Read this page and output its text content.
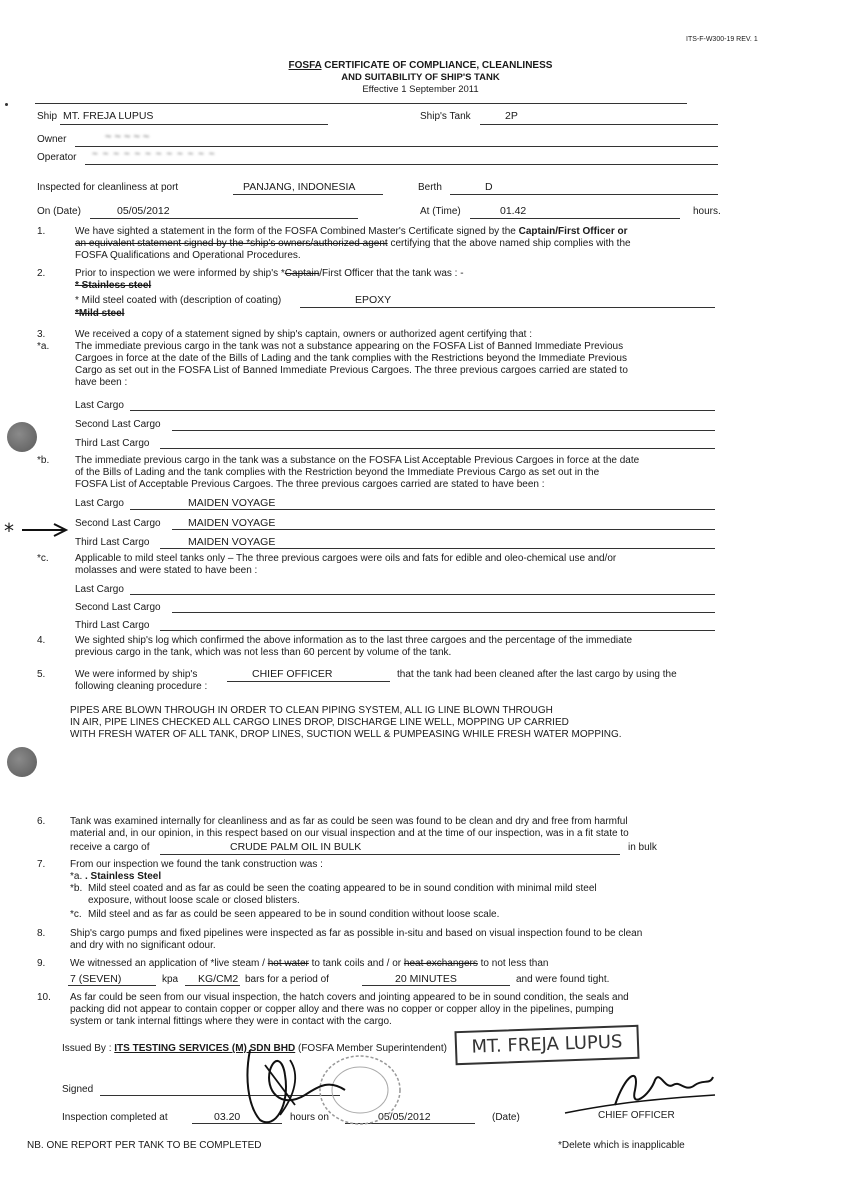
ITS-F-W300-19 REV. 1
FOSFA CERTIFICATE OF COMPLIANCE, CLEANLINESS
AND SUITABILITY OF SHIP'S TANK
Effective 1 September 2011
Ship MT. FREJA LUPUS	Ship's Tank	2P
Owner	~ ~ ~ ~ ~
Operator ~ ~ ~ ~ ~ ~ ~ ~ ~ ~ ~ ~
Inspected for cleanliness at port	PANJANG, INDONESIA	Berth	D
On (Date)	05/05/2012	At (Time)	01.42	hours.
1.	We have sighted a statement in the form of the FOSFA Combined Master's Certificate signed by the Captain/First Officer or
an equivalent statement signed by the *ship's owners/authorized agent certifying that the above named ship complies with the
FOSFA Qualifications and Operational Procedures.
2.	Prior to inspection we were informed by ship's *Captain/First Officer that the tank was : -
* Stainless steel
* Mild steel coated with (description of coating)	EPOXY
*Mild steel
3.	We received a copy of a statement signed by ship's captain, owners or authorized agent certifying that :
*a.	The immediate previous cargo in the tank was not a substance appearing on the FOSFA List of Banned Immediate Previous
Cargoes in force at the date of the Bills of Lading and the tank complies with the Restrictions beyond the Immediate Previous
Cargo as set out in the FOSFA List of Banned Immediate Previous Cargoes. The three previous cargoes carried are stated to
have been :
Last Cargo
Second Last Cargo
Third Last Cargo
*b.	The immediate previous cargo in the tank was a substance on the FOSFA List Acceptable Previous Cargoes in force at the date
of the Bills of Lading and the tank complies with the Restriction beyond the Immediate Previous Cargo as set out in the
FOSFA List of Acceptable Previous Cargoes. The three previous cargoes carried are stated to have been :
Last Cargo	MAIDEN VOYAGE
Second Last Cargo	MAIDEN VOYAGE
Third Last Cargo	MAIDEN VOYAGE
*c.	Applicable to mild steel tanks only – The three previous cargoes were oils and fats for edible and oleo-chemical use and/or
molasses and were stated to have been :
Last Cargo
Second Last Cargo
Third Last Cargo
4.	We sighted ship's log which confirmed the above information as to the last three cargoes and the percentage of the immediate
previous cargo in the tank, which was not less than 60 percent by volume of the tank.
5.	We were informed by ship's	CHIEF OFFICER	that the tank had been cleaned after the last cargo by using the
following cleaning procedure :
PIPES ARE BLOWN THROUGH IN ORDER TO CLEAN PIPING SYSTEM, ALL IG LINE BLOWN THROUGH
IN AIR, PIPE LINES CHECKED ALL CARGO LINES DROP, DISCHARGE LINE WELL, MOPPING UP CARRIED
WITH FRESH WATER OF ALL TANK, DROP LINES, SUCTION WELL & PUMPEASING WHILE FRESH WATER MOPPING.
6. Tank was examined internally for cleanliness and as far as could be seen was found to be clean and dry and free from harmful
material and, in our opinion, in this respect based on our visual inspection and at the time of our inspection, was in a fit state to
receive a cargo of	CRUDE PALM OIL IN BULK	in bulk
7. From our inspection we found the tank construction was :
*a. . Stainless Steel
*b. Mild steel coated and as far as could be seen the coating appeared to be in sound condition with minimal mild steel
exposure, without loose scale or closed blisters.
*c. Mild steel and as far as could be seen appeared to be in sound condition without loose scale.
8. Ship's cargo pumps and fixed pipelines were inspected as far as possible in-situ and based on visual inspection found to be clean
and dry with no significant odour.
9. We witnessed an application of *live steam / hot water to tank coils and / or heat exchangers to not less than
7 (SEVEN)	kpa KG/CM2 bars for a period of	20 MINUTES	and were found tight.
10. As far could be seen from our visual inspection, the hatch covers and jointing appeared to be in sound condition, the seals and
packing did not appear to contain copper or copper alloy and there was no copper or copper alloy in the pipelines, pumping
system or tank internal fittings where they were in contact with the cargo.
Issued By : ITS TESTING SERVICES (M) SDN BHD (FOSFA Member Superintendent)
Signed
Inspection completed at	03.20	hours on	05/05/2012	(Date)
NB. ONE REPORT PER TANK TO BE COMPLETED	*Delete which is inapplicable
MT. FREJA LUPUS
CHIEF OFFICER
*
